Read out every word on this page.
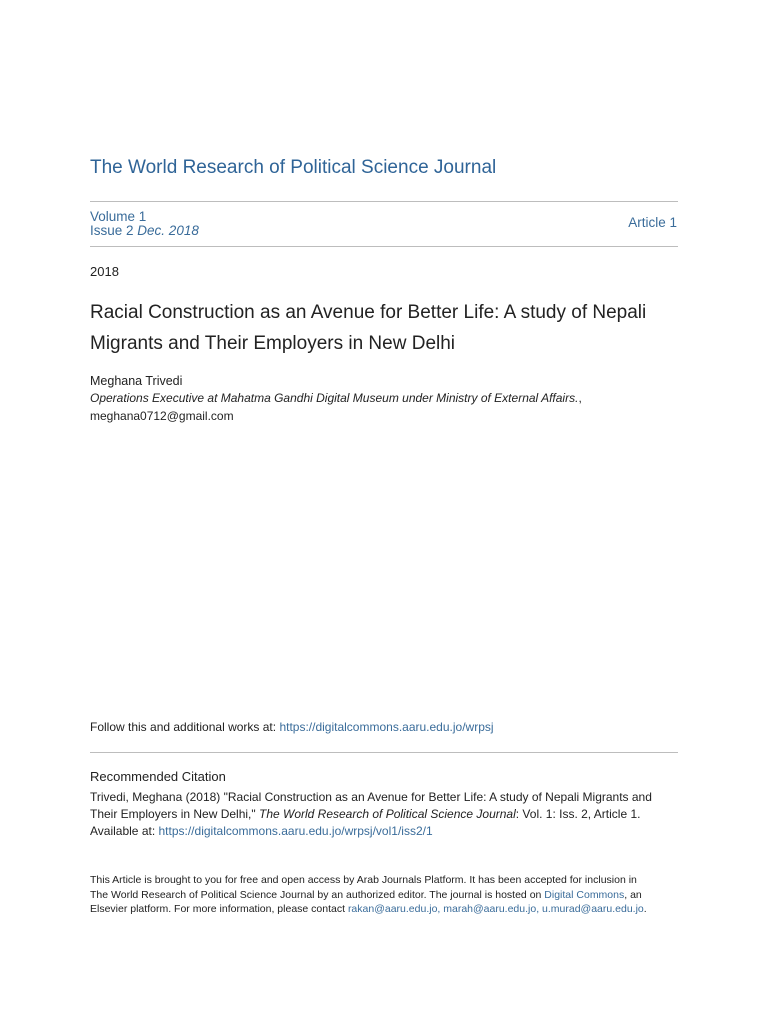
The World Research of Political Science Journal
Volume 1
Issue 2 Dec. 2018
Article 1
2018
Racial Construction as an Avenue for Better Life: A study of Nepali Migrants and Their Employers in New Delhi
Meghana Trivedi
Operations Executive at Mahatma Gandhi Digital Museum under Ministry of External Affairs.,
meghana0712@gmail.com
Follow this and additional works at: https://digitalcommons.aaru.edu.jo/wrpsj
Recommended Citation
Trivedi, Meghana (2018) "Racial Construction as an Avenue for Better Life: A study of Nepali Migrants and Their Employers in New Delhi," The World Research of Political Science Journal: Vol. 1: Iss. 2, Article 1.
Available at: https://digitalcommons.aaru.edu.jo/wrpsj/vol1/iss2/1
This Article is brought to you for free and open access by Arab Journals Platform. It has been accepted for inclusion in The World Research of Political Science Journal by an authorized editor. The journal is hosted on Digital Commons, an Elsevier platform. For more information, please contact rakan@aaru.edu.jo, marah@aaru.edu.jo, u.murad@aaru.edu.jo.
